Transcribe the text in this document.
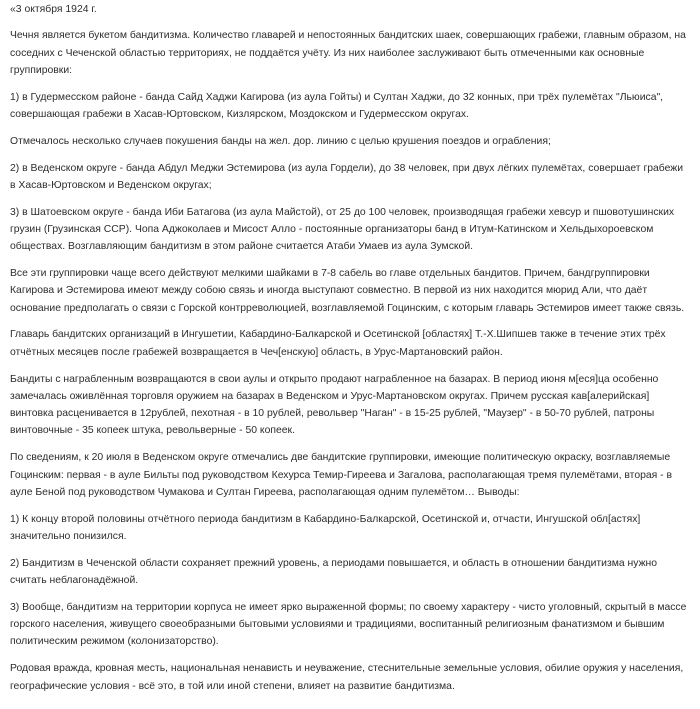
«3 октября 1924 г.
Чечня является букетом бандитизма. Количество главарей и непостоянных бандитских шаек, совершающих грабежи, главным образом, на соседних с Чеченской областью территориях, не поддаётся учёту. Из них наиболее заслуживают быть отмеченными как основные группировки:
1) в Гудермесском районе - банда Сайд Хаджи Кагирова (из аула Гойты) и Султан Хаджи, до 32 конных, при трёх пулемётах "Льюиса", совершающая грабежи в Хасав-Юртовском, Кизлярском, Моздокском и Гудермесском округах.
Отмечалось несколько случаев покушения банды на жел. дор. линию с целью крушения поездов и ограбления;
2) в Веденском округе - банда Абдул Меджи Эстемирова (из аула Гордели), до 38 человек, при двух лёгких пулемётах, совершает грабежи в Хасав-Юртовском и Веденском округах;
3) в Шатоевском округе - банда Иби Батагова (из аула Майстой), от 25 до 100 человек, производящая грабежи хевсур и пшовотушинских грузин (Грузинская ССР). Чопа Аджоколаев и Мисост Алло - постоянные организаторы банд в Итум-Катинском и Хельдыхороевском обществах. Возглавляющим бандитизм в этом районе считается Атаби Умаев из аула Зумской.
Все эти группировки чаще всего действуют мелкими шайками в 7-8 сабель во главе отдельных бандитов. Причем, бандгруппировки Кагирова и Эстемирова имеют между собою связь и иногда выступают совместно. В первой из них находится мюрид Али, что даёт основание предполагать о связи с Горской контрреволюцией, возглавляемой Гоцинским, с которым главарь Эстемиров имеет также связь.
Главарь бандитских организаций в Ингушетии, Кабардино-Балкарской и Осетинской [областях] Т.-Х.Шипшев также в течение этих трёх отчётных месяцев после грабежей возвращается в Чеч[енскую] область, в Урус-Мартановский район.
Бандиты с награбленным возвращаются в свои аулы и открыто продают награбленное на базарах. В период июня м[еся]ца особенно замечалась оживлённая торговля оружием на базарах в Веденском и Урус-Мартановском округах. Причем русская кав[алерийская] винтовка расценивается в 12рублей, пехотная - в 10 рублей, револьвер "Наган" - в 15-25 рублей, "Маузер" - в 50-70 рублей, патроны винтовочные - 35 копеек штука, револьверные - 50 копеек.
По сведениям, к 20 июля в Веденском округе отмечались две бандитские группировки, имеющие политическую окраску, возглавляемые Гоцинским: первая - в ауле Бильты под руководством Кехурса Темир-Гиреева и Загалова, располагающая тремя пулемётами, вторая - в ауле Беной под руководством Чумакова и Султан Гиреева, располагающая одним пулемётом… Выводы:
1) К концу второй половины отчётного периода бандитизм в Кабардино-Балкарской, Осетинской и, отчасти, Ингушской обл[астях] значительно понизился.
2) Бандитизм в Чеченской области сохраняет прежний уровень, а периодами повышается, и область в отношении бандитизма нужно считать неблагонадёжной.
3) Вообще, бандитизм на территории корпуса не имеет ярко выраженной формы; по своему характеру - чисто уголовный, скрытый в массе горского населения, живущего своеобразными бытовыми условиями и традициями, воспитанный религиозным фанатизмом и бывшим политическим режимом (колонизаторство).
Родовая вражда, кровная месть, национальная ненависть и неуважение, стеснительные земельные условия, обилие оружия у населения, географические условия - всё это, в той или иной степени, влияет на развитие бандитизма.
